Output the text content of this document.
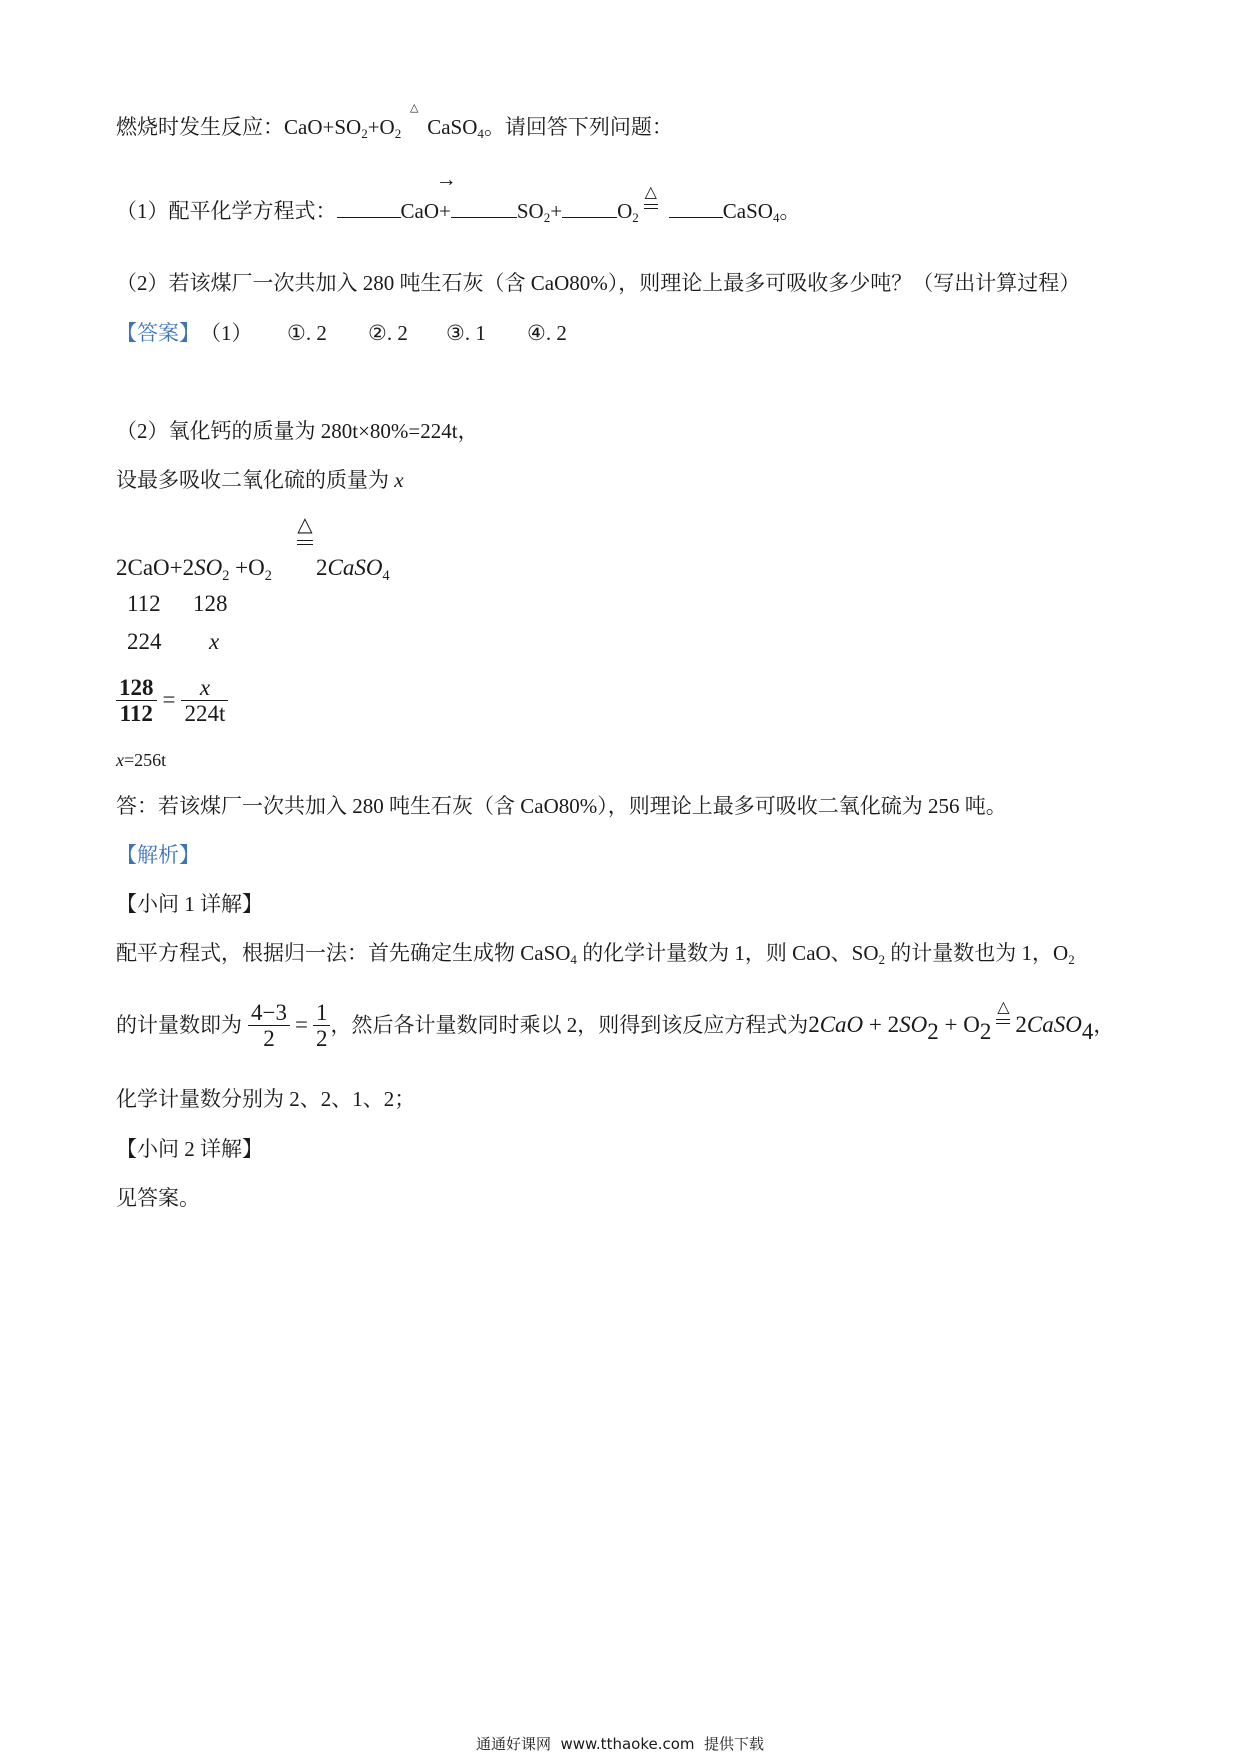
燃烧时发生反应： $CaO+SO_2 +O_2$

△

→

CaSO$_4$ 。请回答下列问题：
（1）配平化学方程式：	CaO+	$SO_2$ +	$O_2$

△

CaSO$_4$ 。
（2）若该煤厂一次共加入 280 吨生石灰（含 CaO80%），则理论上最多可吸收多少吨？（写出计算过程）
【答案】 （1） ①. 2 ②. 2 ③. 1 ④. 2
（2）氧化钙的质量为 280t×80%=224t，
设最多吸收二氧化硫的质量为 x
△
2CaO+2 $SO_2 +O_2$ 2 CaSO$_4$
112 128
224 x
$\frac{128}{112} = \frac{x}{224t}$
x =256t
答：若该煤厂一次共加入 280 吨生石灰（含 CaO80%），则理论上最多可吸收二氧化硫为 256 吨。
【解析】
【小问 1 详解】
配平方程式，根据归一法：首先确定生成物 CaSO$_4$ 的化学计量数为 1，则 CaO、$SO_2$ 的计量数也为 1，$O_2$
的计量数即为 $\frac{4-3}{2} = \frac{1}{2}$ ，然后各计量数同时乘以 2，则得到该反应方程式为 2 CaO + 2 $SO_2 + O_2$

△

2 CaSO$_4$ ，
化学计量数分别为 2、2、1、2；
【小问 2 详解】
见答案。
通通好课网  www.tthaoke.com  提供下载
